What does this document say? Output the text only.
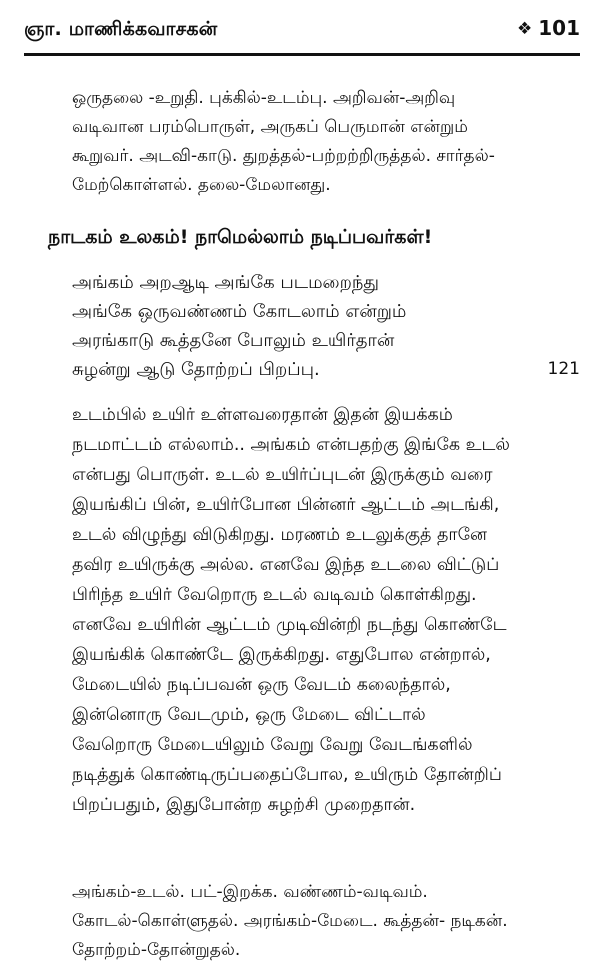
ஞா. மாணிக்கவாசகன்	❖ 101
ஒருதலை -உறுதி. புக்கில்-உடம்பு. அறிவன்-அறிவு
வடிவான பரம்பொருள், அருகப் பெருமான் என்றும்
கூறுவர். அடவி-காடு. துறத்தல்-பற்றற்றிருத்தல். சார்தல்-
மேற்கொள்ளல். தலை-மேலானது.
நாடகம் உலகம்! நாமெல்லாம் நடிப்பவர்கள்!
அங்கம் அறஆடி அங்கே படமறைந்து
அங்கே ஒருவண்ணம் கோடலாம் என்றும்
அரங்காடு கூத்தனே போலும் உயிர்தான்
சுழன்று ஆடு தோற்றப் பிறப்பு.	121
உடம்பில் உயிர் உள்ளவரைதான் இதன் இயக்கம்
நடமாட்டம் எல்லாம்.. அங்கம் என்பதற்கு இங்கே உடல்
என்பது பொருள். உடல் உயிர்ப்புடன் இருக்கும் வரை
இயங்கிப் பின், உயிர்போன பின்னர் ஆட்டம் அடங்கி,
உடல் விழுந்து விடுகிறது. மரணம் உடலுக்குத் தானே
தவிர உயிருக்கு அல்ல. எனவே இந்த உடலை விட்டுப்
பிரிந்த உயிர் வேறொரு உடல் வடிவம் கொள்கிறது.
எனவே உயிரின் ஆட்டம் முடிவின்றி நடந்து கொண்டே
இயங்கிக் கொண்டே இருக்கிறது. எதுபோல என்றால்,
மேடையில் நடிப்பவன் ஒரு வேடம் கலைந்தால்,
இன்னொரு வேடமும், ஒரு மேடை விட்டால்
வேறொரு மேடையிலும் வேறு வேறு வேடங்களில்
நடித்துக் கொண்டிருப்பதைப்போல, உயிரும் தோன்றிப்
பிறப்பதும், இதுபோன்ற சுழற்சி முறைதான்.
அங்கம்-உடல். பட்-இறக்க. வண்ணம்-வடிவம்.
கோடல்-கொள்ளுதல். அரங்கம்-மேடை. கூத்தன்- நடிகன்.
தோற்றம்-தோன்றுதல்.
